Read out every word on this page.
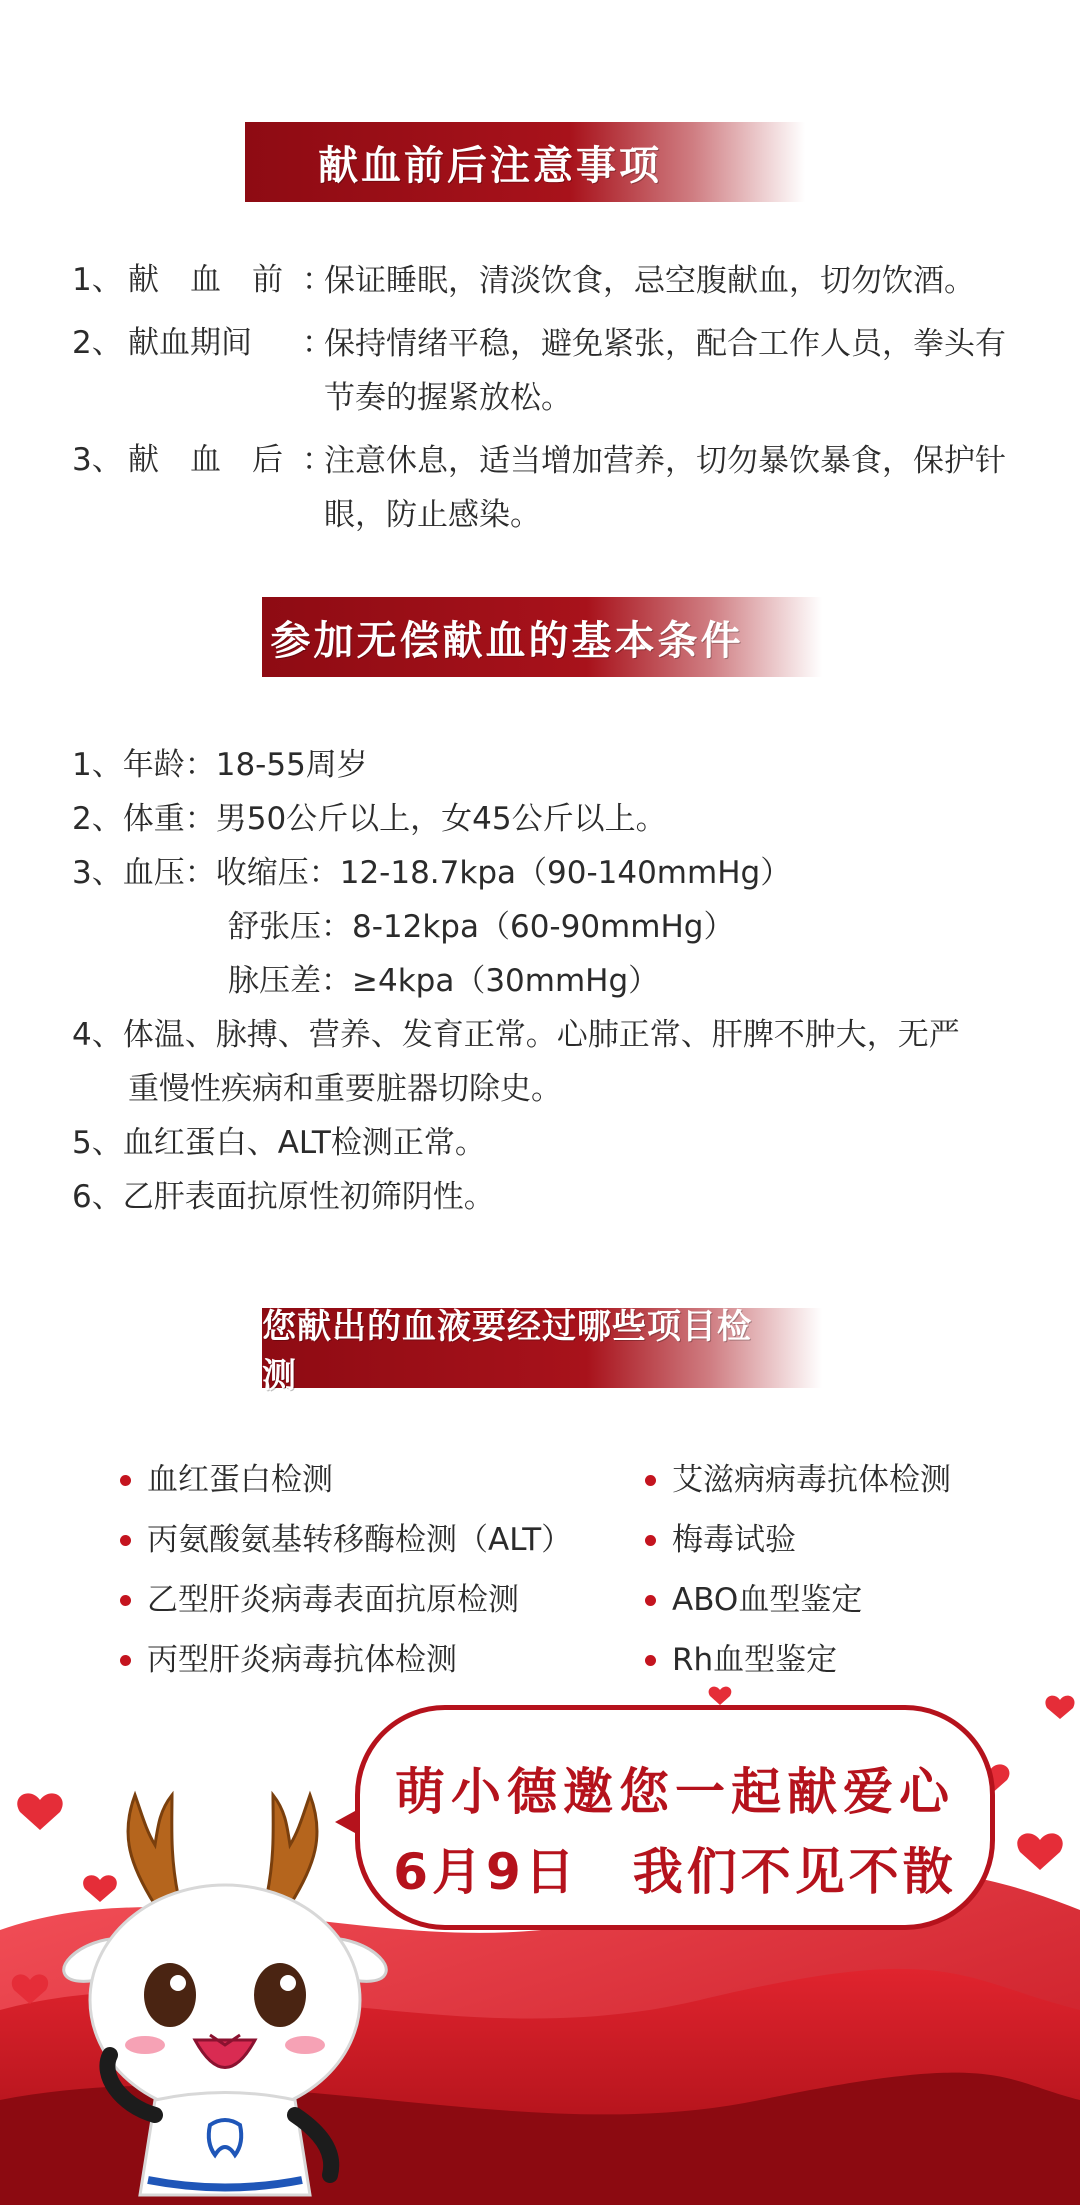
献血前后注意事项
1、 献　血　前 ：
保证睡眠，清淡饮食，忌空腹献血，切勿饮酒。
2、 献血期间	：
保持情绪平稳，避免紧张，配合工作人员，拳头有节奏的握紧放松。
3、 献　血　后 ：
注意休息，适当增加营养，切勿暴饮暴食，保护针眼，防止感染。
参加无偿献血的基本条件
1、年龄：18-55周岁
2、体重：男50公斤以上，女45公斤以上。
3、血压：收缩压：12-18.7kpa（90-140mmHg）
舒张压：8-12kpa（60-90mmHg）
脉压差：≥4kpa（30mmHg）
4、体温、脉搏、营养、发育正常。心肺正常、肝脾不肿大，无严
重慢性疾病和重要脏器切除史。
5、血红蛋白、ALT检测正常。
6、乙肝表面抗原性初筛阴性。
您献出的血液要经过哪些项目检测
血红蛋白检测
丙氨酸氨基转移酶检测（ALT）
乙型肝炎病毒表面抗原检测
丙型肝炎病毒抗体检测
艾滋病病毒抗体检测
梅毒试验
ABO血型鉴定
Rh血型鉴定
萌小德邀您一起献爱心
6月9日　我们不见不散
